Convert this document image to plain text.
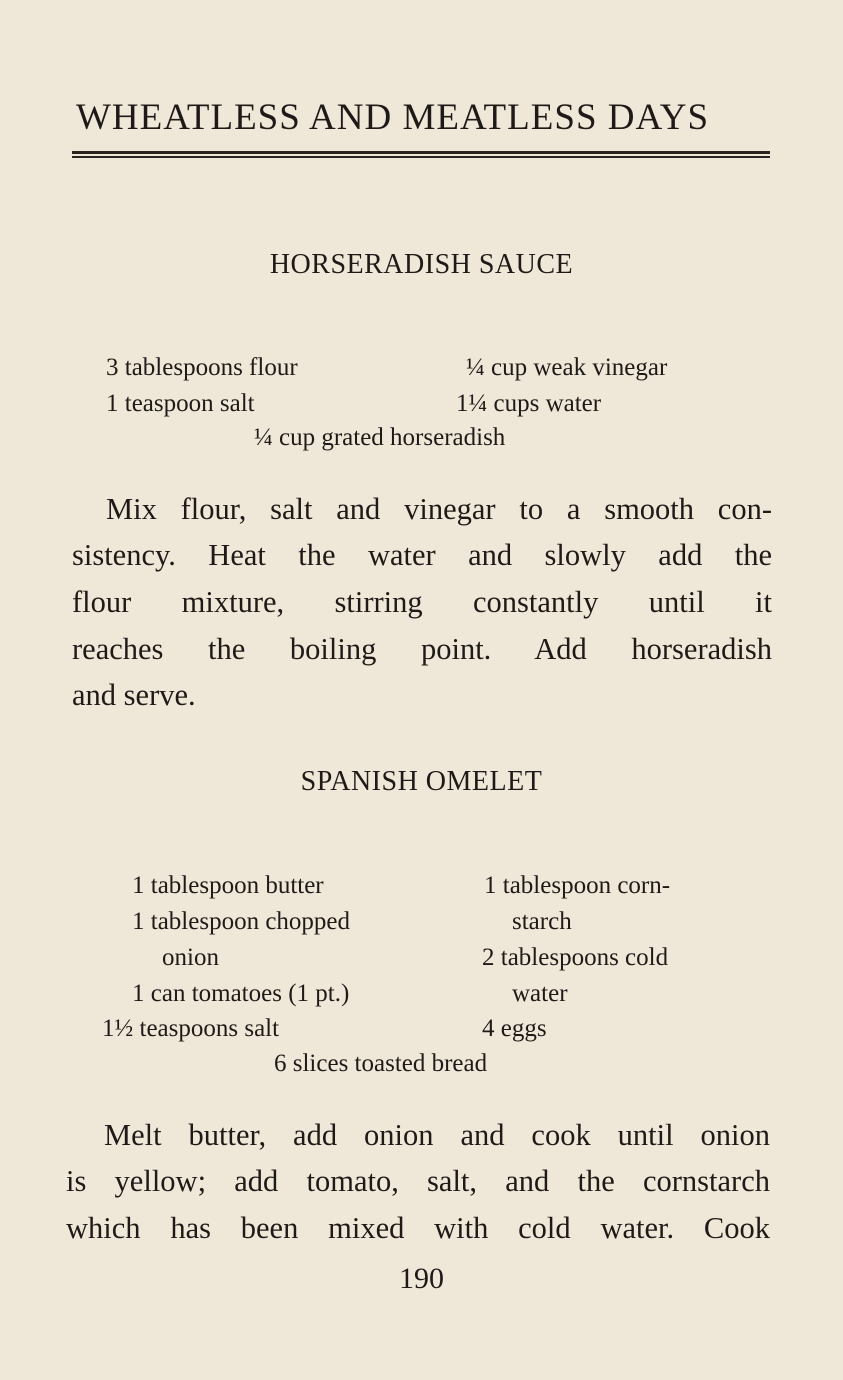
WHEATLESS AND MEATLESS DAYS
HORSERADISH SAUCE
3 tablespoons flour	¼ cup weak vinegar
1 teaspoon salt	1¼ cups water
¼ cup grated horseradish
Mix flour, salt and vinegar to a smooth con-
sistency. Heat the water and slowly add the
flour mixture, stirring constantly until it
reaches the boiling point. Add horseradish
and serve.
SPANISH OMELET
1 tablespoon butter
1 tablespoon chopped
onion
1 can tomatoes (1 pt.)
1½ teaspoons salt
1 tablespoon corn-
starch
2 tablespoons cold
water
4 eggs
6 slices toasted bread
Melt butter, add onion and cook until onion
is yellow; add tomato, salt, and the cornstarch
which has been mixed with cold water. Cook
190
